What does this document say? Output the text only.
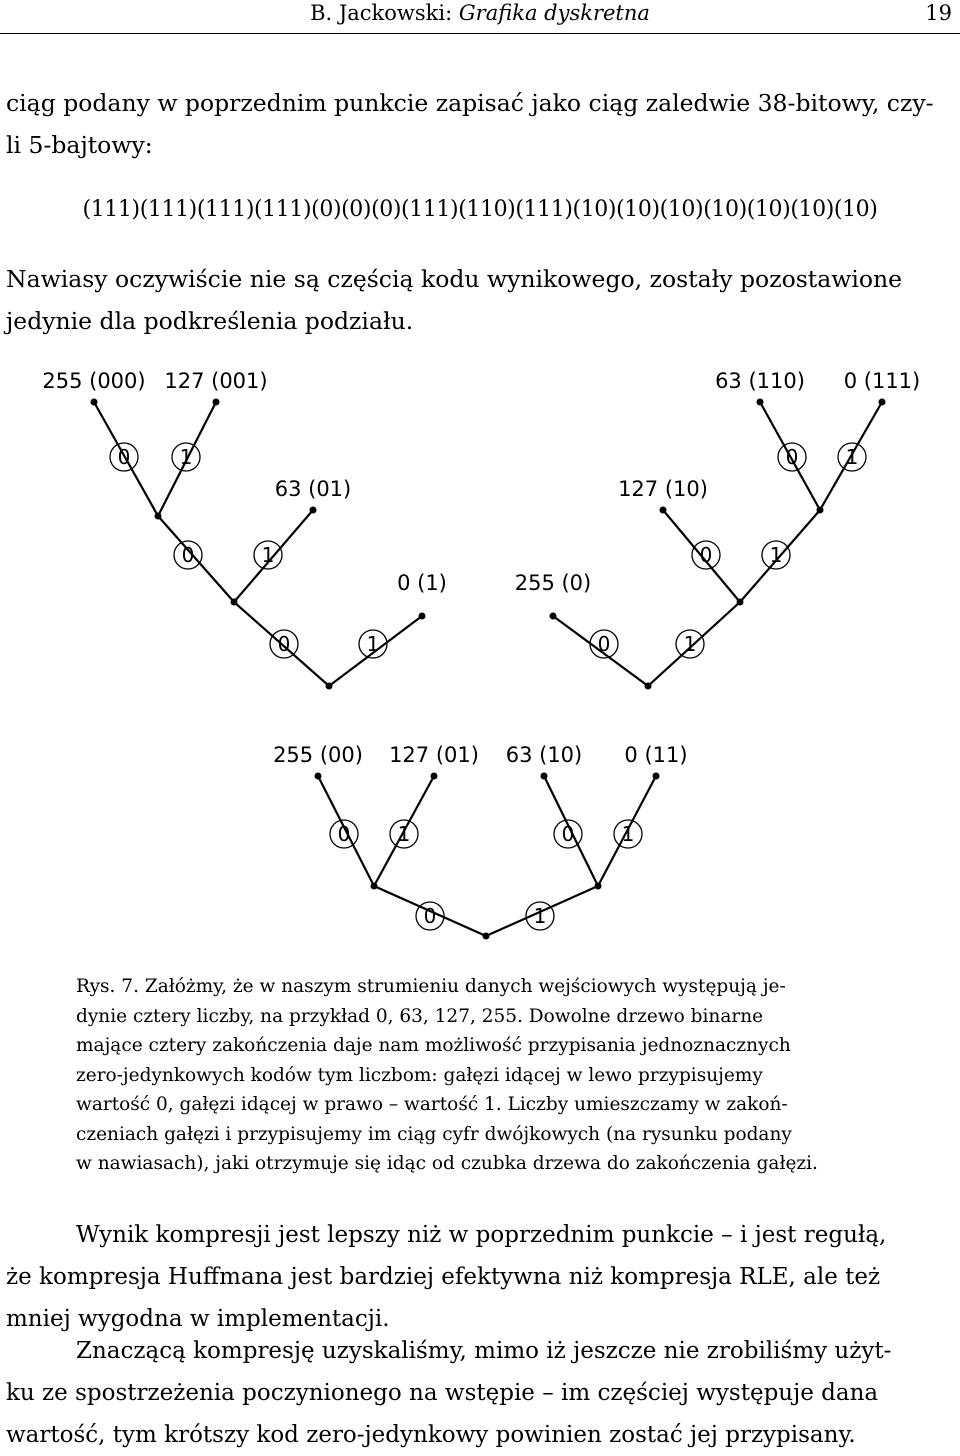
B. Jackowski: Grafika dyskretna	19
ciąg podany w poprzednim punkcie zapisać jako ciąg zaledwie 38-bitowy, czy-
li 5-bajtowy:
(111)(111)(111)(111)(0)(0)(0)(111)(110)(111)(10)(10)(10)(10)(10)(10)(10)
Nawiasy oczywiście nie są częścią kodu wynikowego, zostały pozostawione
jedynie dla podkreślenia podziału.
255 (000) 127 (001)
63 (01)
0 (1)
63 (110) 0 (111)
127 (10)
255 (0)
255 (00) 127 (01) 63 (10) 0 (11)
0 1
0	1
0	1
0 1
0	1
0	1
0 1	0 1
0	1
Rys. 7. Załóżmy, że w naszym strumieniu danych wejściowych występują je-
dynie cztery liczby, na przykład 0, 63, 127, 255. Dowolne drzewo binarne
mające cztery zakończenia daje nam możliwość przypisania jednoznacznych
zero-jedynkowych kodów tym liczbom: gałęzi idącej w lewo przypisujemy
wartość 0, gałęzi idącej w prawo – wartość 1. Liczby umieszczamy w zakoń-
czeniach gałęzi i przypisujemy im ciąg cyfr dwójkowych (na rysunku podany
w nawiasach), jaki otrzymuje się idąc od czubka drzewa do zakończenia gałęzi.
Wynik kompresji jest lepszy niż w poprzednim punkcie – i jest regułą,
że kompresja Huffmana jest bardziej efektywna niż kompresja RLE, ale też
mniej wygodna w implementacji.
Znaczącą kompresję uzyskaliśmy, mimo iż jeszcze nie zrobiliśmy użyt-
ku ze spostrzeżenia poczynionego na wstępie – im częściej występuje dana
wartość, tym krótszy kod zero-jedynkowy powinien zostać jej przypisany.
